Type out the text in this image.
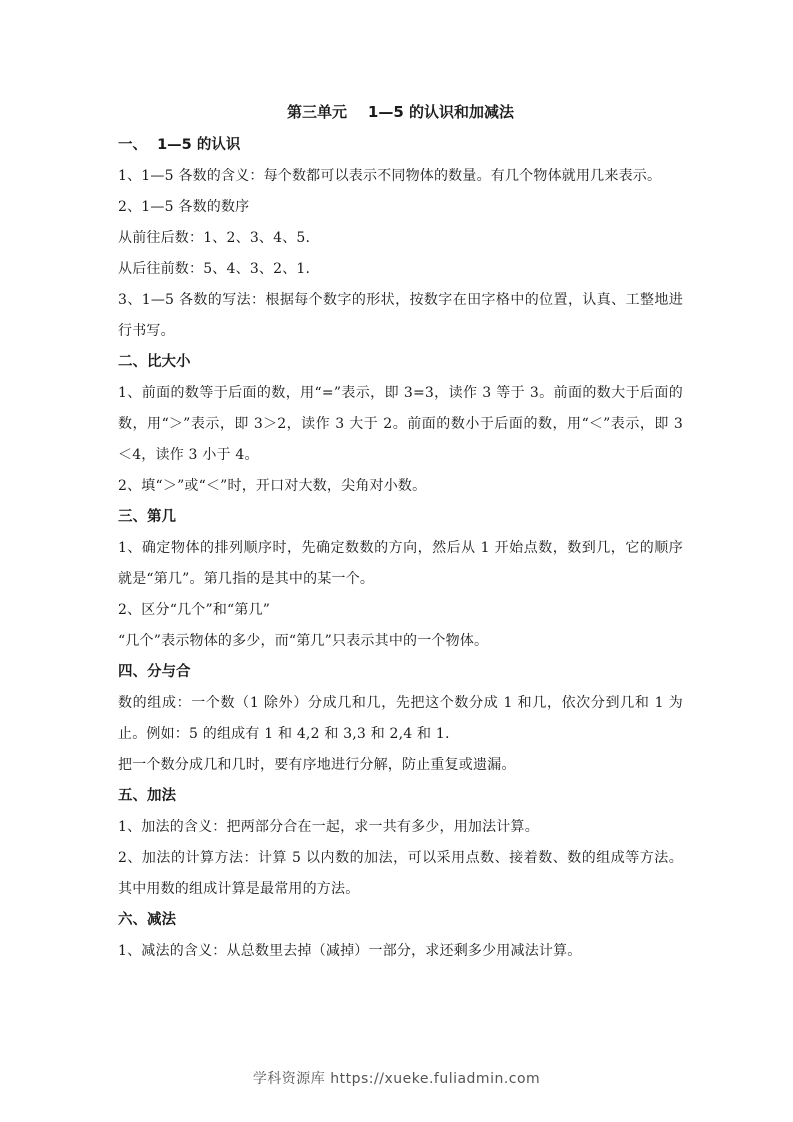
第三单元    1—5 的认识和加减法
一、  1—5 的认识

1、1—5 各数的含义：每个数都可以表示不同物体的数量。有几个物体就用几来表示。

2、1—5 各数的数序

从前往后数：1、2、3、4、5.

从后往前数：5、4、3、2、1.

3、1—5 各数的写法：根据每个数字的形状，按数字在田字格中的位置，认真、工整地进行书写。

二、比大小

1、前面的数等于后面的数，用“=”表示，即 3=3，读作 3 等于 3。前面的数大于后面的数，用“＞”表示，即 3＞2，读作 3 大于 2。前面的数小于后面的数，用“＜”表示，即 3＜4，读作 3 小于 4。

2、填“＞”或“＜”时，开口对大数，尖角对小数。

三、第几

1、确定物体的排列顺序时，先确定数数的方向，然后从 1 开始点数，数到几，它的顺序就是“第几”。第几指的是其中的某一个。

2、区分“几个”和“第几”

“几个”表示物体的多少，而“第几”只表示其中的一个物体。

四、分与合

数的组成：一个数（1 除外）分成几和几，先把这个数分成 1 和几，依次分到几和 1 为止。例如：5 的组成有 1 和 4,2 和 3,3 和 2,4 和 1.

把一个数分成几和几时，要有序地进行分解，防止重复或遗漏。

五、加法

1、加法的含义：把两部分合在一起，求一共有多少，用加法计算。

2、加法的计算方法：计算 5 以内数的加法，可以采用点数、接着数、数的组成等方法。其中用数的组成计算是最常用的方法。

六、减法

1、减法的含义：从总数里去掉（减掉）一部分，求还剩多少用减法计算。

学科资源库 https://xueke.fuliadmin.com
